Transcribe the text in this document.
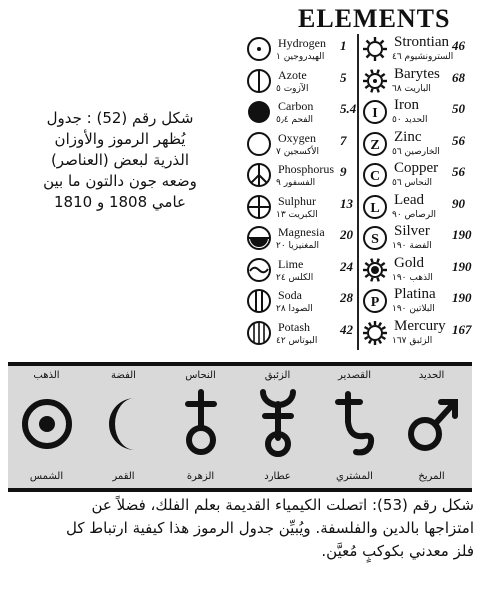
ELEMENTS
Hydrogen
الهيدروجين ١
1
Azote
الآزوت ٥
5
Carbon
الفحم ٥٫٤
5.4
Oxygen
الأكسجين ٧
7
Phosphorus
الفسفور ٩
9
Sulphur
الكبريت ١٣
13
Magnesia
المغنيزيا ٢٠
20
Lime
الكلس ٢٤
24
Soda
الصودا ٢٨
28
Potash
البوتاس ٤٢
42
Strontian
السترونشيوم ٤٦
46
Barytes
الباريت ٦٨
68
I
Iron
الحديد ٥٠
50
Z
Zinc
الخارصين ٥٦
56
C
Copper
النحاس ٥٦
56
L
Lead
الرصاص ٩٠
90
S
Silver
الفضة ١٩٠
190
Gold
الذهب ١٩٠
190
P
Platina
البلاتين ١٩٠
190
Mercury
الزئبق ١٦٧
167
شكل رقم (52) : جدول
يُظهر الرموز والأوزان
الذرية لبعض (العناصر)
وضعه جون دالتون ما بين
عامي 1808 و 1810
الذهب
الشمس
الفضة
القمر
النحاس
الزهرة
الزئبق
عطارد
القصدير
المشتري
الحديد
المريخ
شكل رقم (53): اتصلت الكيمياء القديمة بعلم الفلك، فضلاً عن
امتزاجها بالدين والفلسفة. ويُبيِّن جدول الرموز هذا كيفية ارتباط كل
فلز معدني بكوكبٍ مُعيَّن.
